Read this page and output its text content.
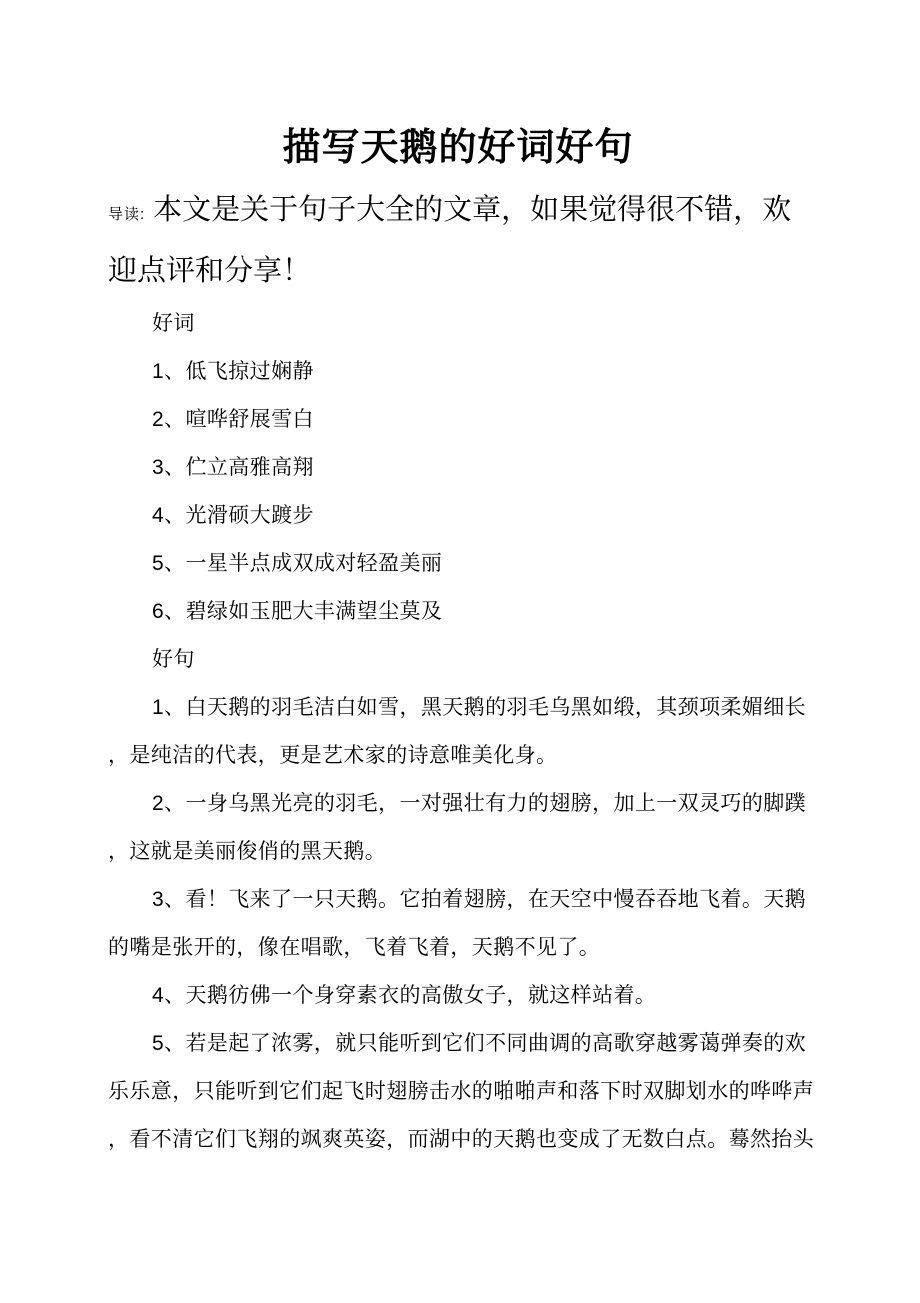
描写天鹅的好词好句
导读: 本文是关于句子大全的文章，如果觉得很不错，欢
迎点评和分享！
好词
1、低飞掠过娴静
2、喧哗舒展雪白
3、伫立高雅高翔
4、光滑硕大踱步
5、一星半点成双成对轻盈美丽
6、碧绿如玉肥大丰满望尘莫及
好句
1、白天鹅的羽毛洁白如雪，黑天鹅的羽毛乌黑如缎，其颈项柔媚细长
，是纯洁的代表，更是艺术家的诗意唯美化身。
2、一身乌黑光亮的羽毛，一对强壮有力的翅膀，加上一双灵巧的脚蹼
，这就是美丽俊俏的黑天鹅。
3、看！飞来了一只天鹅。它拍着翅膀，在天空中慢吞吞地飞着。天鹅
的嘴是张开的，像在唱歌，飞着飞着，天鹅不见了。
4、天鹅彷佛一个身穿素衣的高傲女子，就这样站着。
5、若是起了浓雾，就只能听到它们不同曲调的高歌穿越雾蔼弹奏的欢
乐乐意，只能听到它们起飞时翅膀击水的啪啪声和落下时双脚划水的哗哗声
，看不清它们飞翔的飒爽英姿，而湖中的天鹅也变成了无数白点。蓦然抬头
